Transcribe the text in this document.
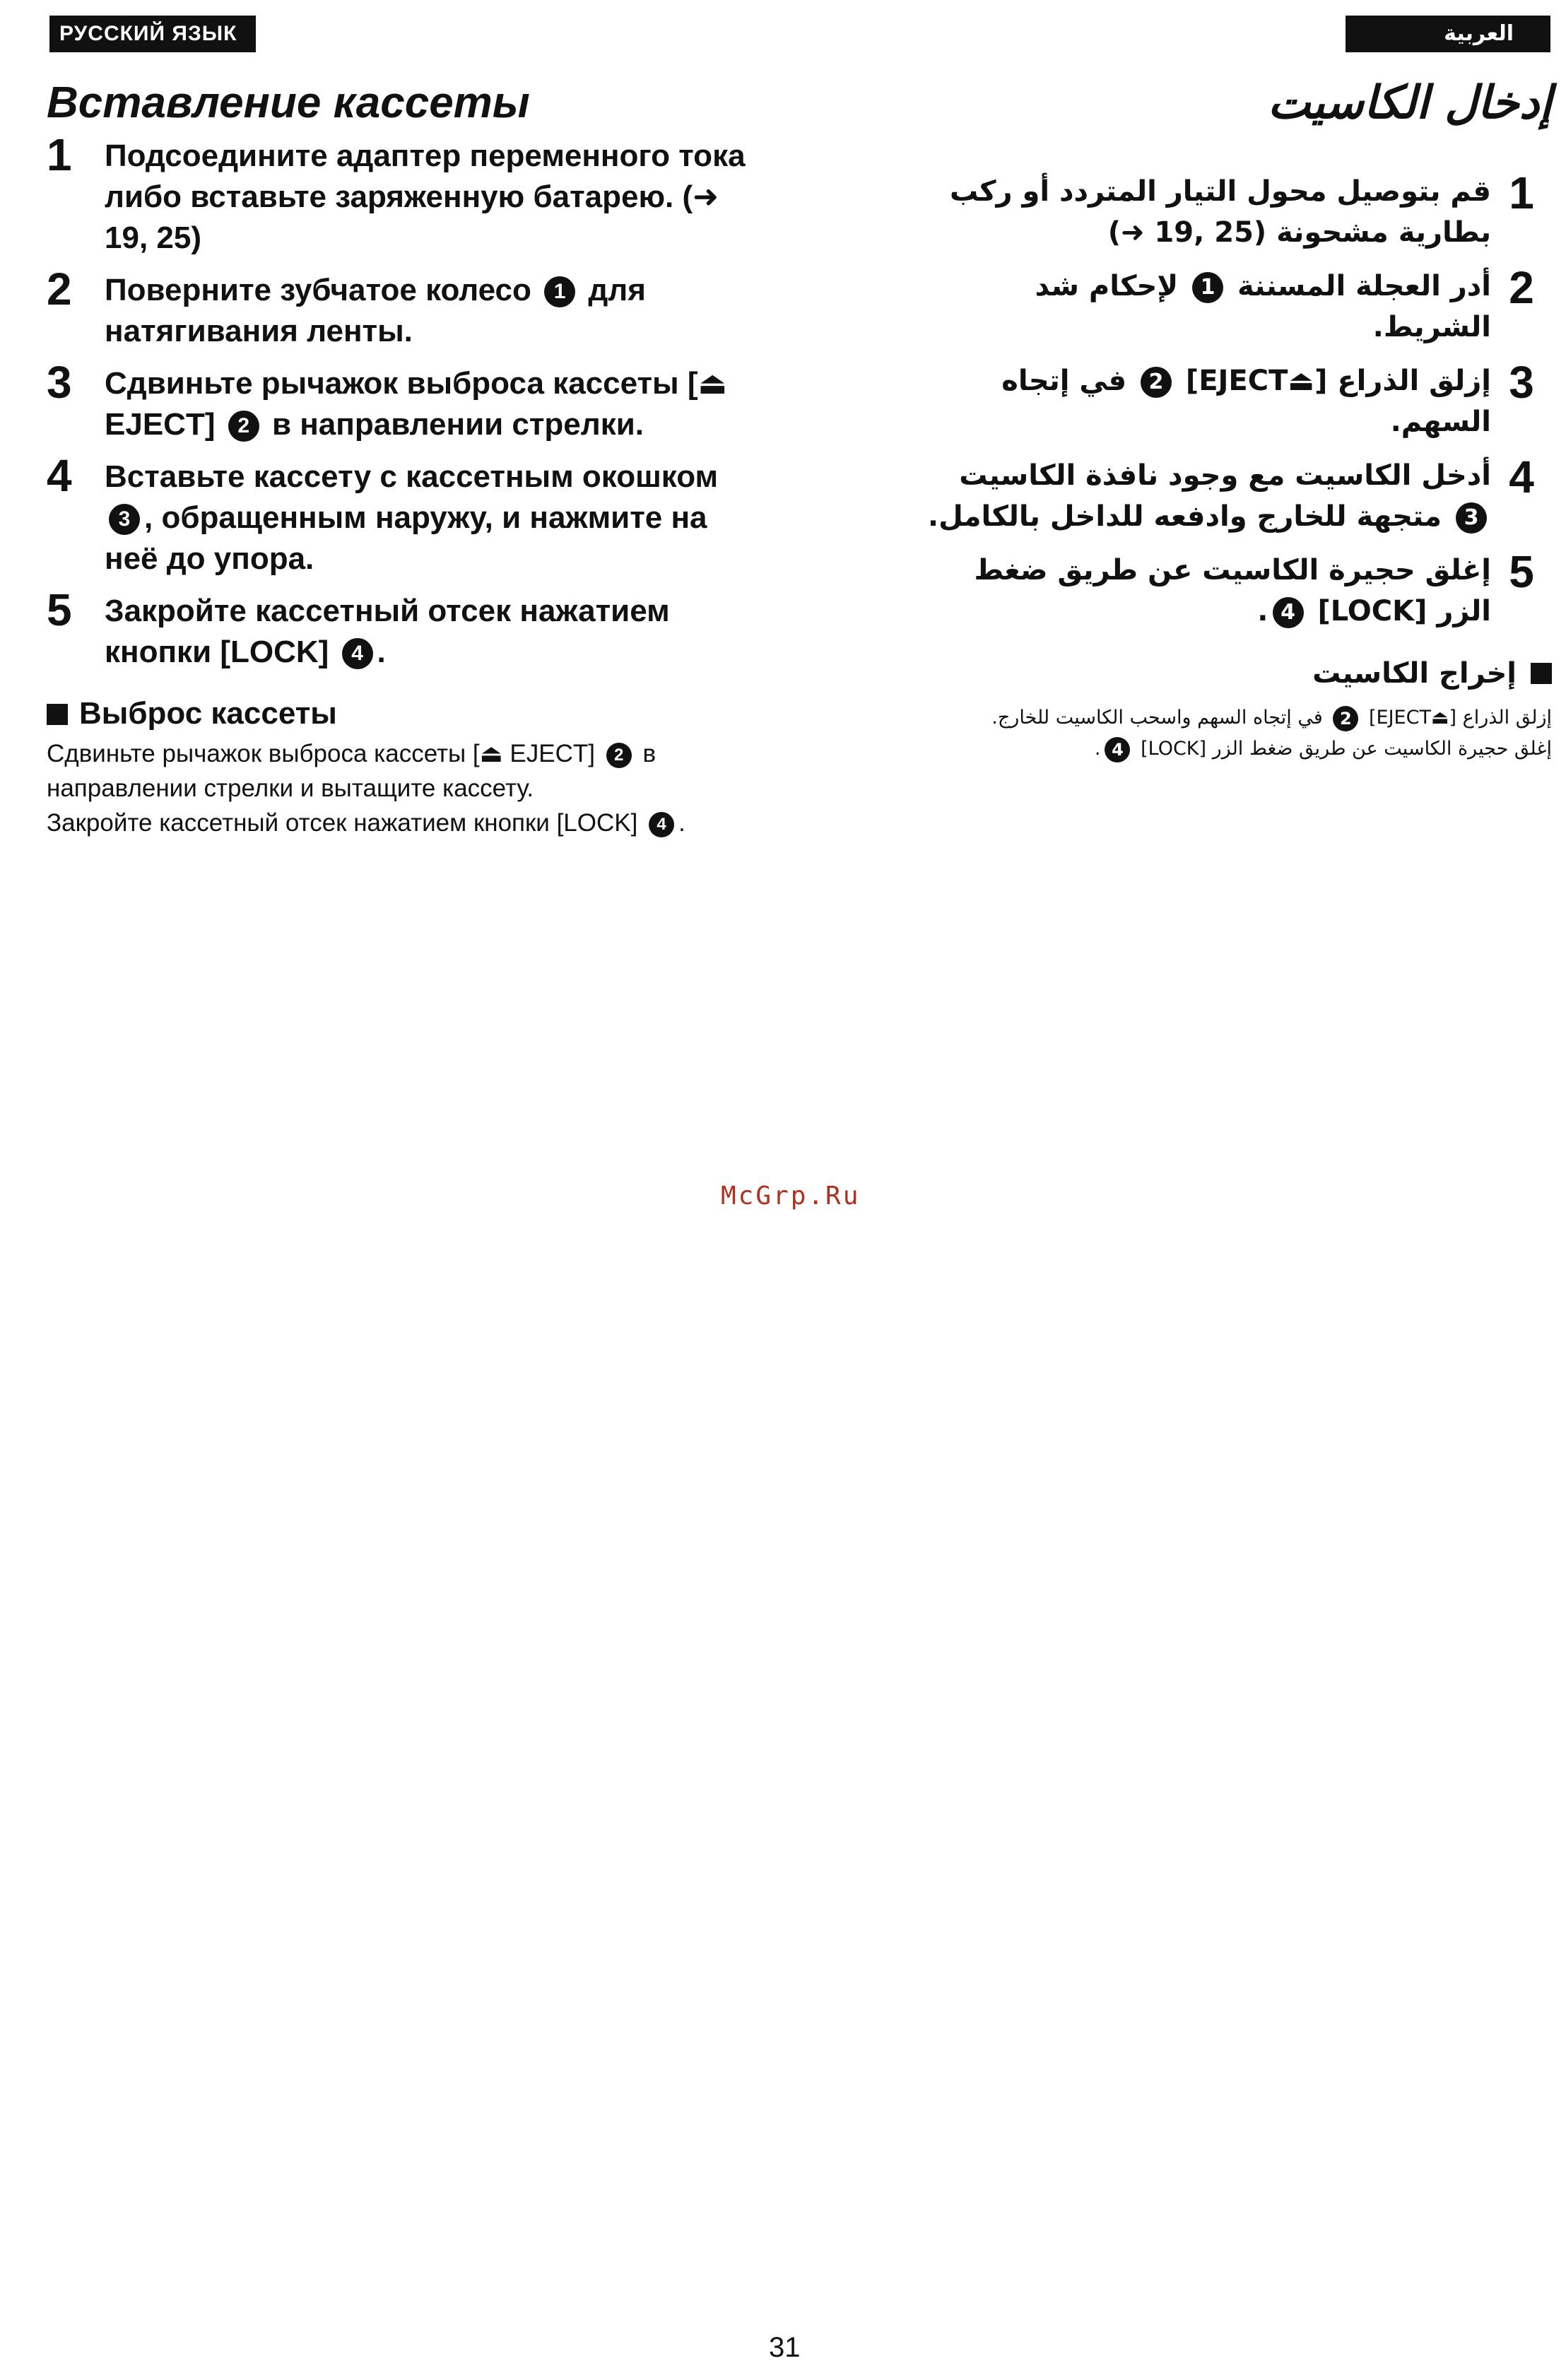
РУССКИЙ ЯЗЫК	العربية
Вставление кассеты
1	Подсоедините адаптер переменного тока либо вставьте заряженную батарею. (➜ 19, 25)
2	Поверните зубчатое колесо 1 для натягивания ленты.
3	Сдвиньте рычажок выброса кассеты [⏏ EJECT] 2 в направлении стрелки.
4	Вставьте кассету с кассетным окошком 3 , обращенным наружу, и нажмите на неё до упора.
5	Закройте кассетный отсек нажатием кнопки [LOCK] 4 .
Выброс кассеты

Сдвиньте рычажок выброса кассеты [⏏ EJECT] 2 в направлении стрелки и вытащите кассету.

Закройте кассетный отсек нажатием кнопки [LOCK] 4 .

إدخال الكاسيت
1
قم بتوصيل محول التيار المتردد أو ركب بطارية مشحونة (25 ,19 ➜)
2
أدر العجلة المسننة 1 لإحكام شد الشريط.
3
إزلق الذراع [⏏EJECT] 2 في إتجاه السهم.
4
أدخل الكاسيت مع وجود نافذة الكاسيت 3 متجهة للخارج وادفعه للداخل بالكامل.
5
إغلق حجيرة الكاسيت عن طريق ضغط الزر [LOCK] 4.
إخراج الكاسيت

إزلق الذراع [⏏EJECT] 2 في إتجاه السهم واسحب الكاسيت للخارج.

إغلق حجيرة الكاسيت عن طريق ضغط الزر [LOCK] 4.

McGrp.Ru
31
